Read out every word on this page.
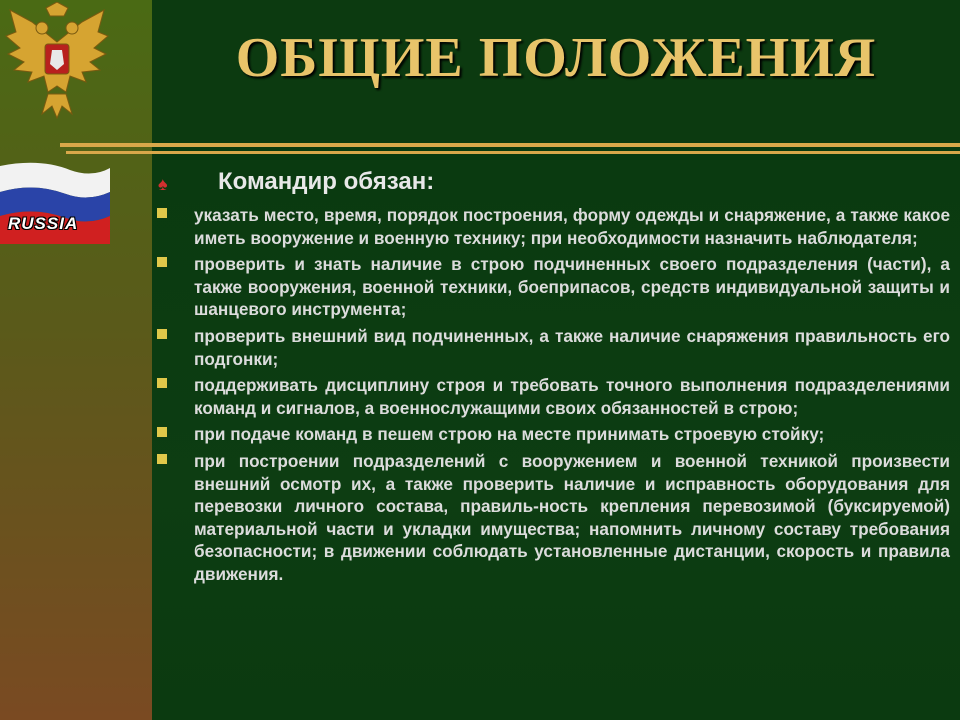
RUSSIA
ОБЩИЕ ПОЛОЖЕНИЯ
♠ Командир обязан:
указать место, время, порядок построения, форму одежды и снаряжение, а также какое иметь вооружение и военную технику; при необходимости назначить наблюдателя;
проверить и знать наличие в строю подчиненных своего подразделения (части), а также вооружения, военной техники, боеприпасов, средств индивидуальной защиты и шанцевого инструмента;
проверить внешний вид подчиненных, а также наличие снаряжения правильность его подгонки;
поддерживать дисциплину строя и требовать точного выполнения подразделениями команд и сигналов, а военнослужащими своих обязанностей в строю;
при подаче команд в пешем строю на месте принимать строевую стойку;
при построении подразделений с вооружением и военной техникой произвести внешний осмотр их, а также проверить наличие и исправность оборудования для перевозки личного состава, правиль-ность крепления перевозимой (буксируемой) материальной части и укладки имущества; напомнить личному составу требования безопасности; в движении соблюдать установленные дистанции, скорость и правила движения.
